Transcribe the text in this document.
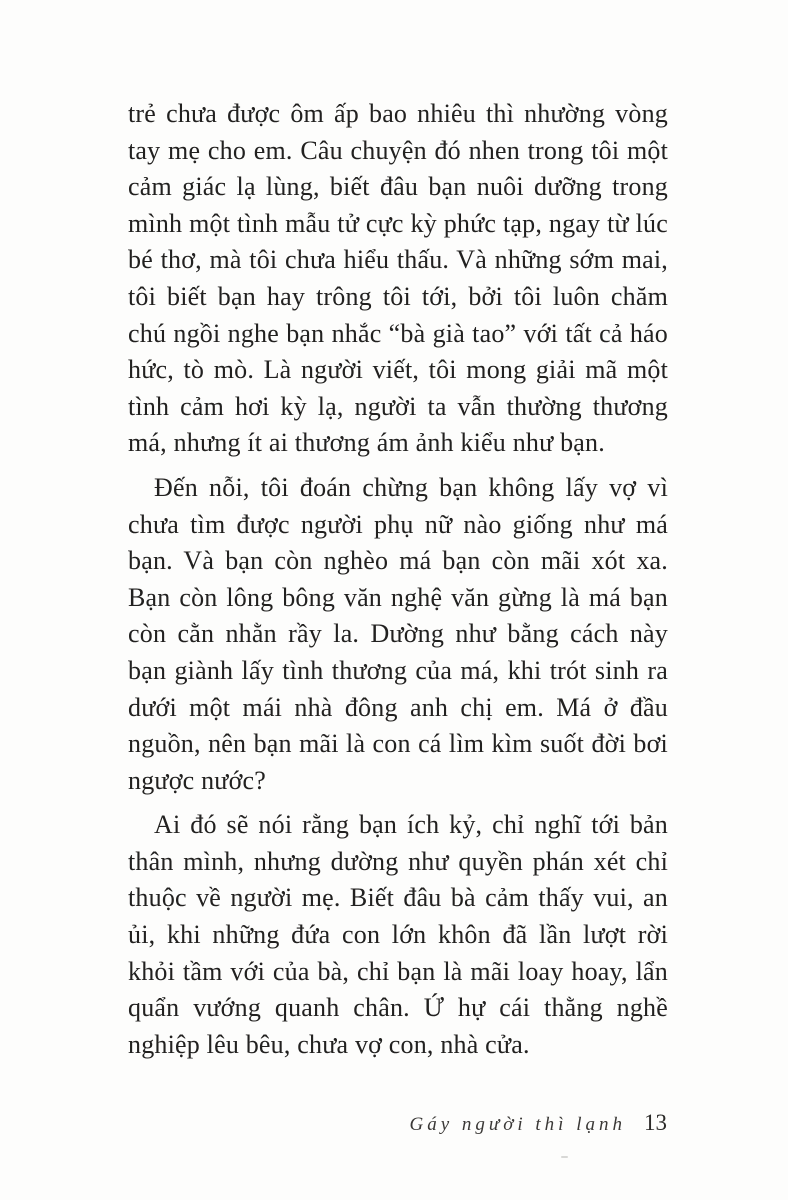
trẻ chưa được ôm ấp bao nhiêu thì nhường vòng tay mẹ cho em. Câu chuyện đó nhen trong tôi một cảm giác lạ lùng, biết đâu bạn nuôi dưỡng trong mình một tình mẫu tử cực kỳ phức tạp, ngay từ lúc bé thơ, mà tôi chưa hiểu thấu. Và những sớm mai, tôi biết bạn hay trông tôi tới, bởi tôi luôn chăm chú ngồi nghe bạn nhắc “bà già tao” với tất cả háo hức, tò mò. Là người viết, tôi mong giải mã một tình cảm hơi kỳ lạ, người ta vẫn thường thương má, nhưng ít ai thương ám ảnh kiểu như bạn.

Đến nỗi, tôi đoán chừng bạn không lấy vợ vì chưa tìm được người phụ nữ nào giống như má bạn. Và bạn còn nghèo má bạn còn mãi xót xa. Bạn còn lông bông văn nghệ văn gừng là má bạn còn cằn nhằn rầy la. Dường như bằng cách này bạn giành lấy tình thương của má, khi trót sinh ra dưới một mái nhà đông anh chị em. Má ở đầu nguồn, nên bạn mãi là con cá lìm kìm suốt đời bơi ngược nước?

Ai đó sẽ nói rằng bạn ích kỷ, chỉ nghĩ tới bản thân mình, nhưng dường như quyền phán xét chỉ thuộc về người mẹ. Biết đâu bà cảm thấy vui, an ủi, khi những đứa con lớn khôn đã lần lượt rời khỏi tầm với của bà, chỉ bạn là mãi loay hoay, lẩn quẩn vướng quanh chân. Ứ hự cái thằng nghề nghiệp lêu bêu, chưa vợ con, nhà cửa.

Gáy người thì lạnh 13
